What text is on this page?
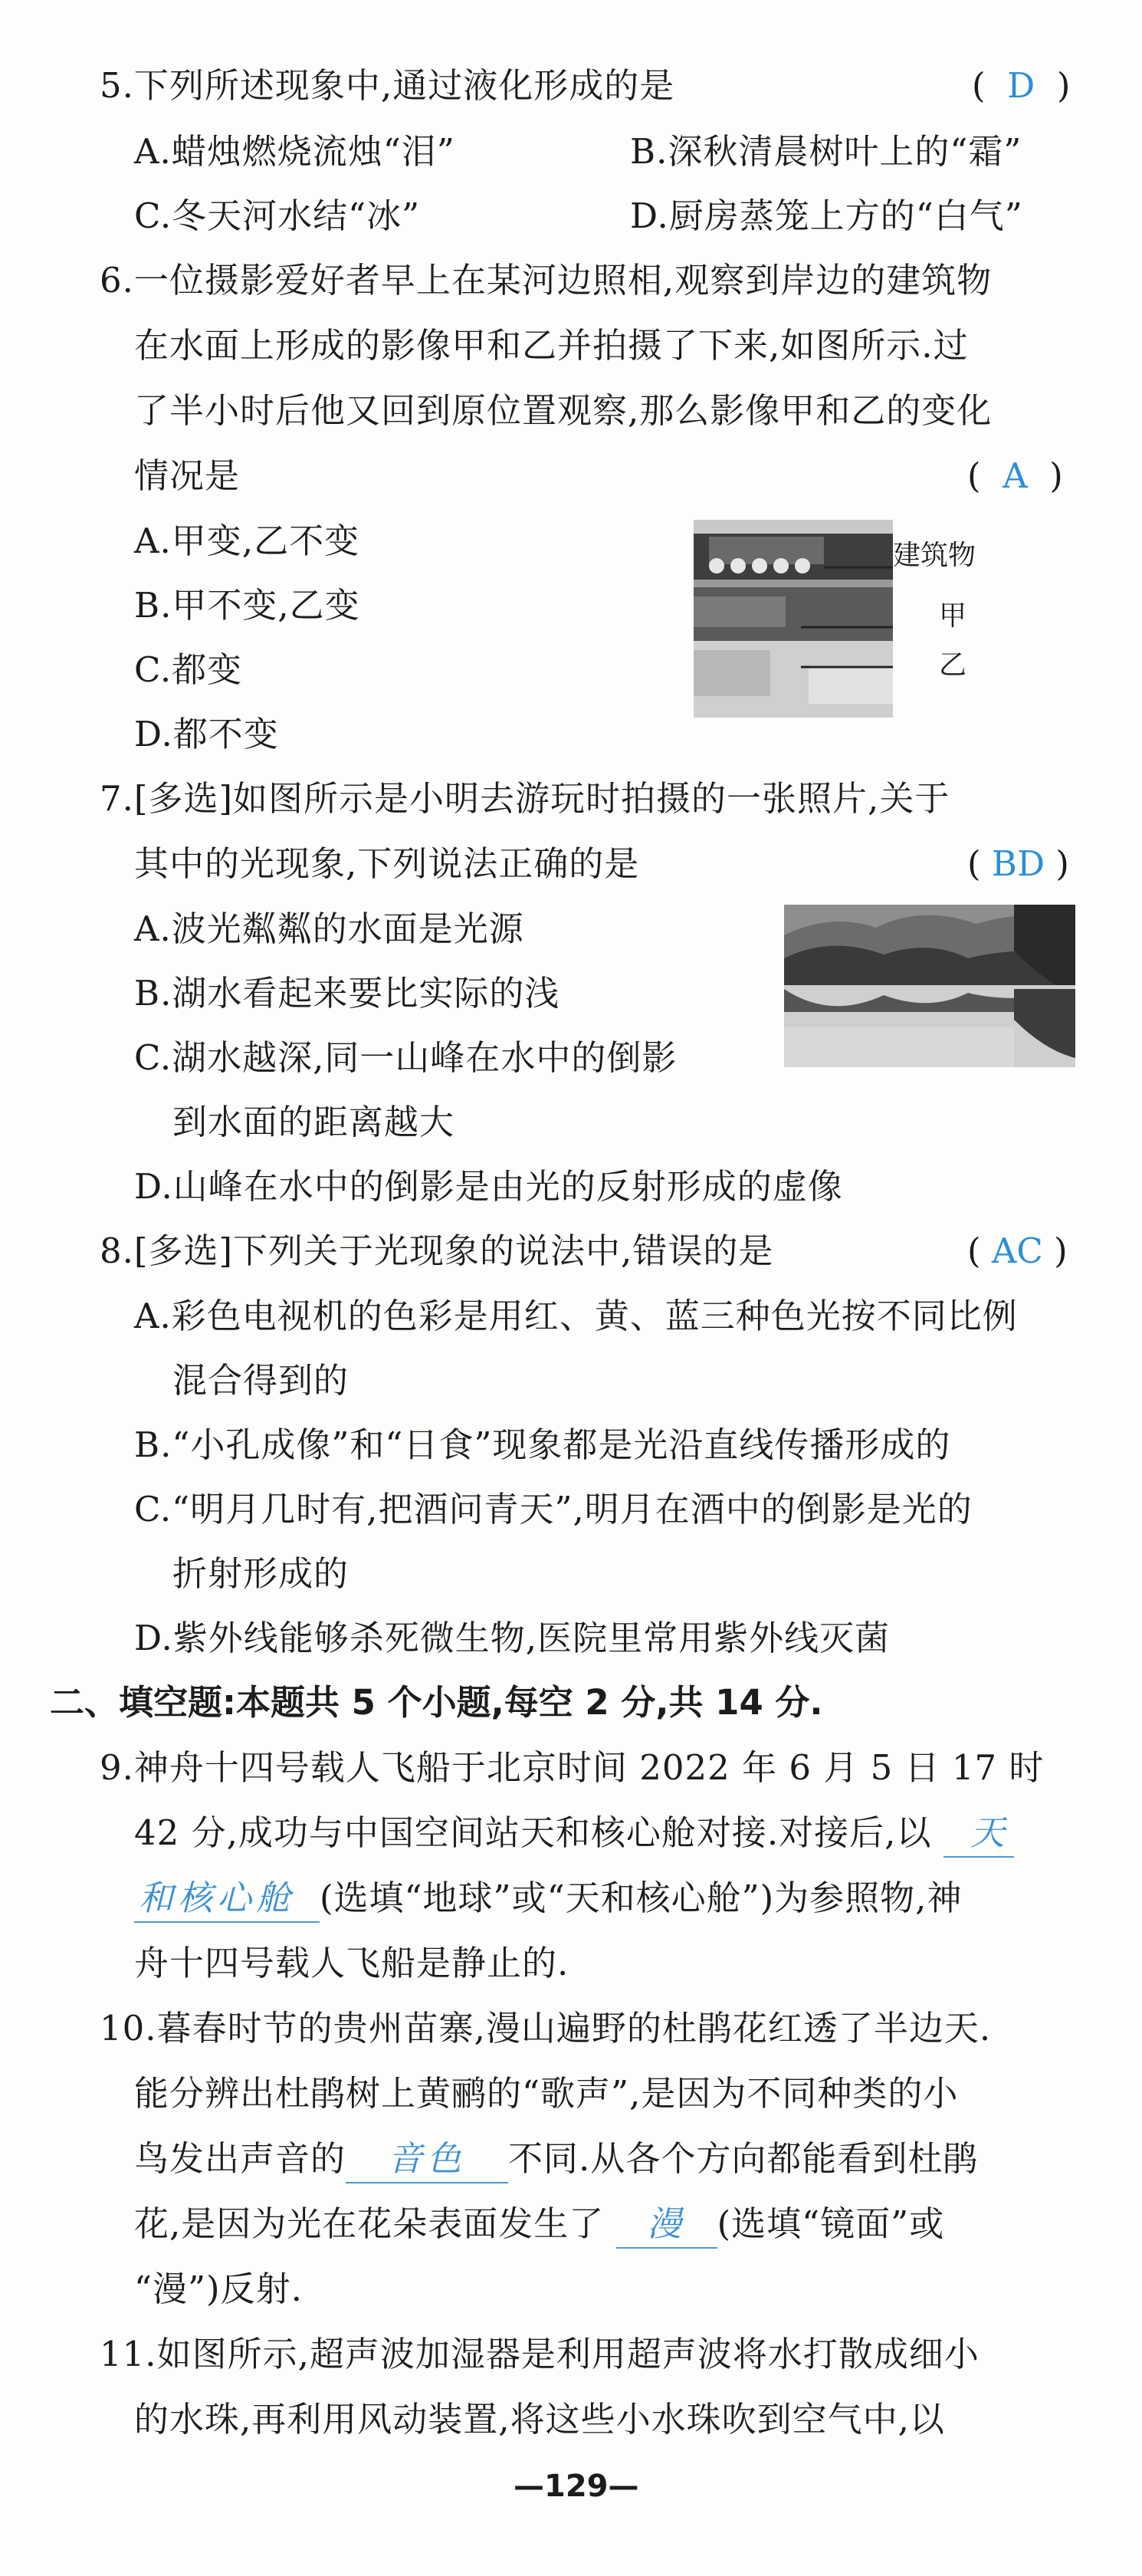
5.下列所述现象中,通过液化形成的是	( D )
A.蜡烛燃烧流烛“泪”	B.深秋清晨树叶上的“霜”
C.冬天河水结“冰”	D.厨房蒸笼上方的“白气”
6.一位摄影爱好者早上在某河边照相,观察到岸边的建筑物
在水面上形成的影像甲和乙并拍摄了下来,如图所示.过
了半小时后他又回到原位置观察,那么影像甲和乙的变化
情况是	( A )
A.甲变,乙不变
B.甲不变,乙变
C.都变
D.都不变
建筑物
甲
乙
7.[多选]如图所示是小明去游玩时拍摄的一张照片,关于
其中的光现象,下列说法正确的是	( BD )
A.波光粼粼的水面是光源
B.湖水看起来要比实际的浅
C.湖水越深,同一山峰在水中的倒影
到水面的距离越大
D.山峰在水中的倒影是由光的反射形成的虚像
8.[多选]下列关于光现象的说法中,错误的是	( AC )
A.彩色电视机的色彩是用红、黄、蓝三种色光按不同比例
混合得到的
B.“小孔成像”和“日食”现象都是光沿直线传播形成的
C.“明月几时有,把酒问青天”,明月在酒中的倒影是光的
折射形成的
D.紫外线能够杀死微生物,医院里常用紫外线灭菌
二、填空题:本题共 5 个小题,每空 2 分,共 14 分.
9.神舟十四号载人飞船于北京时间 2022 年 6 月 5 日 17 时
42 分,成功与中国空间站天和核心舱对接.对接后,以 天
和核心舱 (选填“地球”或“天和核心舱”)为参照物,神
舟十四号载人飞船是静止的.
10.暮春时节的贵州苗寨,漫山遍野的杜鹃花红透了半边天.
能分辨出杜鹃树上黄鹂的“歌声”,是因为不同种类的小
鸟发出声音的 音色 不同.从各个方向都能看到杜鹃
花,是因为光在花朵表面发生了 漫 (选填“镜面”或
“漫”)反射.
11.如图所示,超声波加湿器是利用超声波将水打散成细小
的水珠,再利用风动装置,将这些小水珠吹到空气中,以
—129—
